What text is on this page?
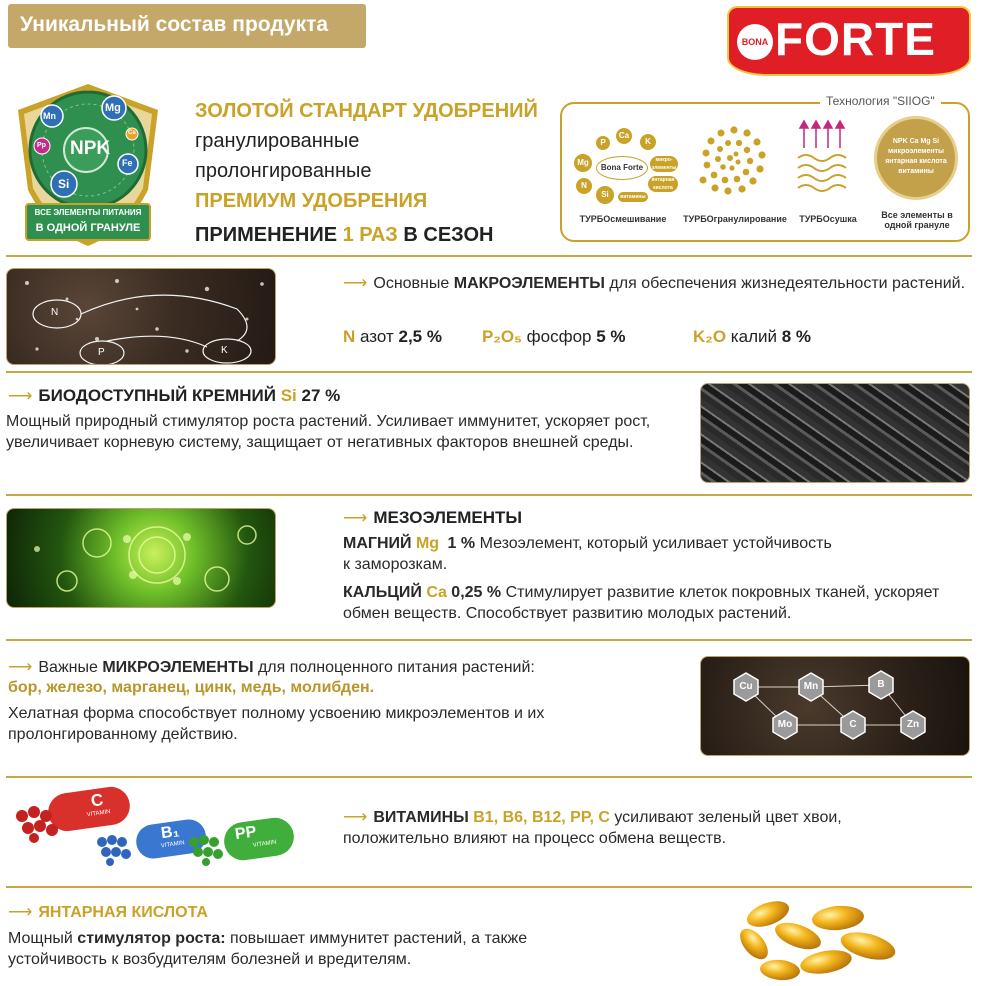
Уникальный состав продукта
BONA FORTE
NPK
Mn
Mg
Pp
Si
Fe
Ca
ВСЕ ЭЛЕМЕНТЫ ПИТАНИЯ
В ОДНОЙ ГРАНУЛЕ
ЗОЛОТОЙ СТАНДАРТ УДОБРЕНИЙ
гранулированные
пролонгированные
ПРЕМИУМ УДОБРЕНИЯ
ПРИМЕНЕНИЕ 1 РАЗ В СЕЗОН
P
Ca
K
Mg
N
Si
Bona Forte
микро-элементы
янтарная кислота
витамины
NPK Ca Mg Si микроэлементы янтарная кислота витамины
ТУРБОсмешивание	ТУРБОгранулирование	ТУРБОсушка	Все элементы в одной грануле
Технология "SIIOG"
N
P	K
⟶ Основные МАКРОЭЛЕМЕНТЫ для обеспечения жизнедеятельности растений.
N азот 2,5 % P₂O₅ фосфор 5 %	K₂O калий 8 %
⟶ БИОДОСТУПНЫЙ КРЕМНИЙ Si 27 %
Мощный природный стимулятор роста растений. Усиливает иммунитет, ускоряет рост, увеличивает корневую систему, защищает от негативных факторов внешней среды.
⟶ МЕЗОЭЛЕМЕНТЫ
МАГНИЙ Mg 1 % Мезоэлемент, который усиливает устойчивость
к заморозкам.
КАЛЬЦИЙ Ca 0,25 % Стимулирует развитие клеток покровных тканей, ускоряет
обмен веществ. Способствует развитию молодых растений.
⟶ Важные МИКРОЭЛЕМЕНТЫ для полноценного питания растений:
бор, железо, марганец, цинк, медь, молибден.
Хелатная форма способствует полному усвоению микроэлементов и их
пролонгированному действию.
Cu	Mn	B
Mo	C	Zn
C
VITAMIN
B₁
VITAMIN
PP
VITAMIN
⟶ ВИТАМИНЫ B1, B6, B12, PP, C усиливают зеленый цвет хвои,
положительно влияют на процесс обмена веществ.
⟶ ЯНТАРНАЯ КИСЛОТА
Мощный стимулятор роста: повышает иммунитет растений, а также
устойчивость к возбудителям болезней и вредителям.
